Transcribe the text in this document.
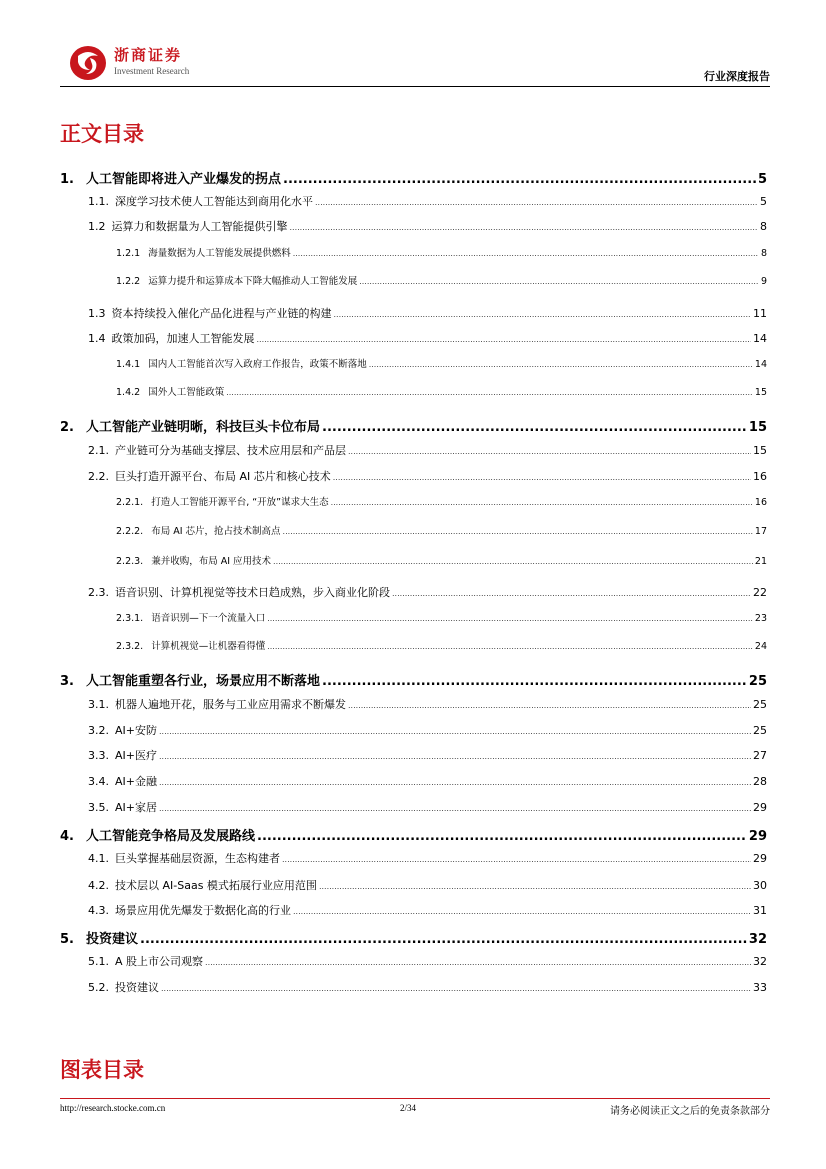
浙商证券
Investment Research	行业深度报告
正文目录
1. 人工智能即将进入产业爆发的拐点 .....	5
1.1. 深度学习技术使人工智能达到商用化水平 .....	5
1.2 运算力和数据量为人工智能提供引擎 .....	8
1.2.1 海量数据为人工智能发展提供燃料 .....	8
1.2.2 运算力提升和运算成本下降大幅推动人工智能发展 .....	9
1.3 资本持续投入催化产品化进程与产业链的构建 .....	11
1.4 政策加码，加速人工智能发展 .....	14
1.4.1 国内人工智能首次写入政府工作报告，政策不断落地 .....	14
1.4.2 国外人工智能政策 .....	15
2. 人工智能产业链明晰，科技巨头卡位布局 .....	15
2.1. 产业链可分为基础支撑层、技术应用层和产品层 .....	15
2.2. 巨头打造开源平台、布局 AI 芯片和核心技术 .....	16
2.2.1. 打造人工智能开源平台, “开放”谋求大生态 .....	16
2.2.2. 布局 AI 芯片，抢占技术制高点 .....	17
2.2.3. 兼并收购，布局 AI 应用技术 .....	21
2.3. 语音识别、计算机视觉等技术日趋成熟，步入商业化阶段 .....	22
2.3.1. 语音识别—下一个流量入口 .....	23
2.3.2. 计算机视觉—让机器看得懂 .....	24
3. 人工智能重塑各行业，场景应用不断落地 .....	25
3.1. 机器人遍地开花，服务与工业应用需求不断爆发 .....	25
3.2. AI+安防 .....	25
3.3. AI+医疗 .....	27
3.4. AI+金融 .....	28
3.5. AI+家居 .....	29
4. 人工智能竞争格局及发展路线 .....	29
4.1. 巨头掌握基础层资源，生态构建者 .....	29
4.2. 技术层以 AI-Saas 模式拓展行业应用范围 .....	30
4.3. 场景应用优先爆发于数据化高的行业 .....	31
5. 投资建议 .....	32
5.1. A 股上市公司观察 .....	32
5.2. 投资建议 .....	33
图表目录
http://research.stocke.com.cn	2/34	请务必阅读正文之后的免责条款部分
